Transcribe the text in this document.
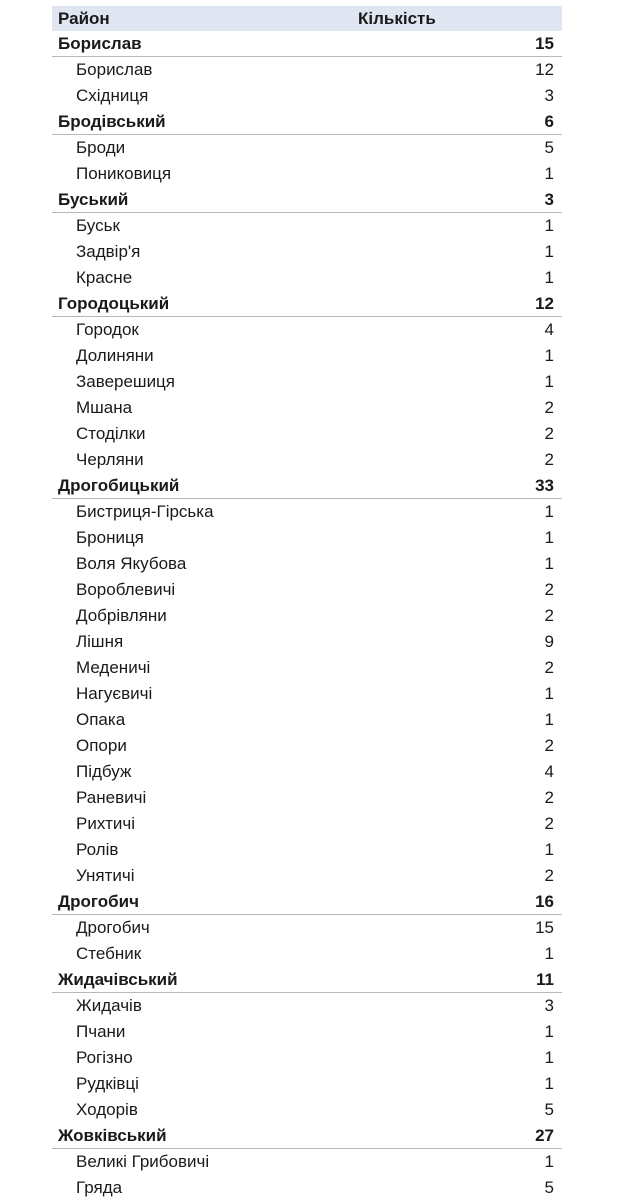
Район	Кількість
Борислав	15
Борислав	12
Східниця	3
Бродівський	6
Броди	5
Пониковиця	1
Буський	3
Буськ	1
Задвір'я	1
Красне	1
Городоцький	12
Городок	4
Долиняни	1
Заверешиця	1
Мшана	2
Стоділки	2
Черляни	2
Дрогобицький	33
Бистриця-Гірська	1
Брониця	1
Воля Якубова	1
Вороблевичі	2
Добрівляни	2
Лішня	9
Меденичі	2
Нагуєвичі	1
Опака	1
Опори	2
Підбуж	4
Раневичі	2
Рихтичі	2
Ролів	1
Унятичі	2
Дрогобич	16
Дрогобич	15
Стебник	1
Жидачівський	11
Жидачів	3
Пчани	1
Рогізно	1
Рудківці	1
Ходорів	5
Жовківський	27
Великі Грибовичі	1
Гряда	5
